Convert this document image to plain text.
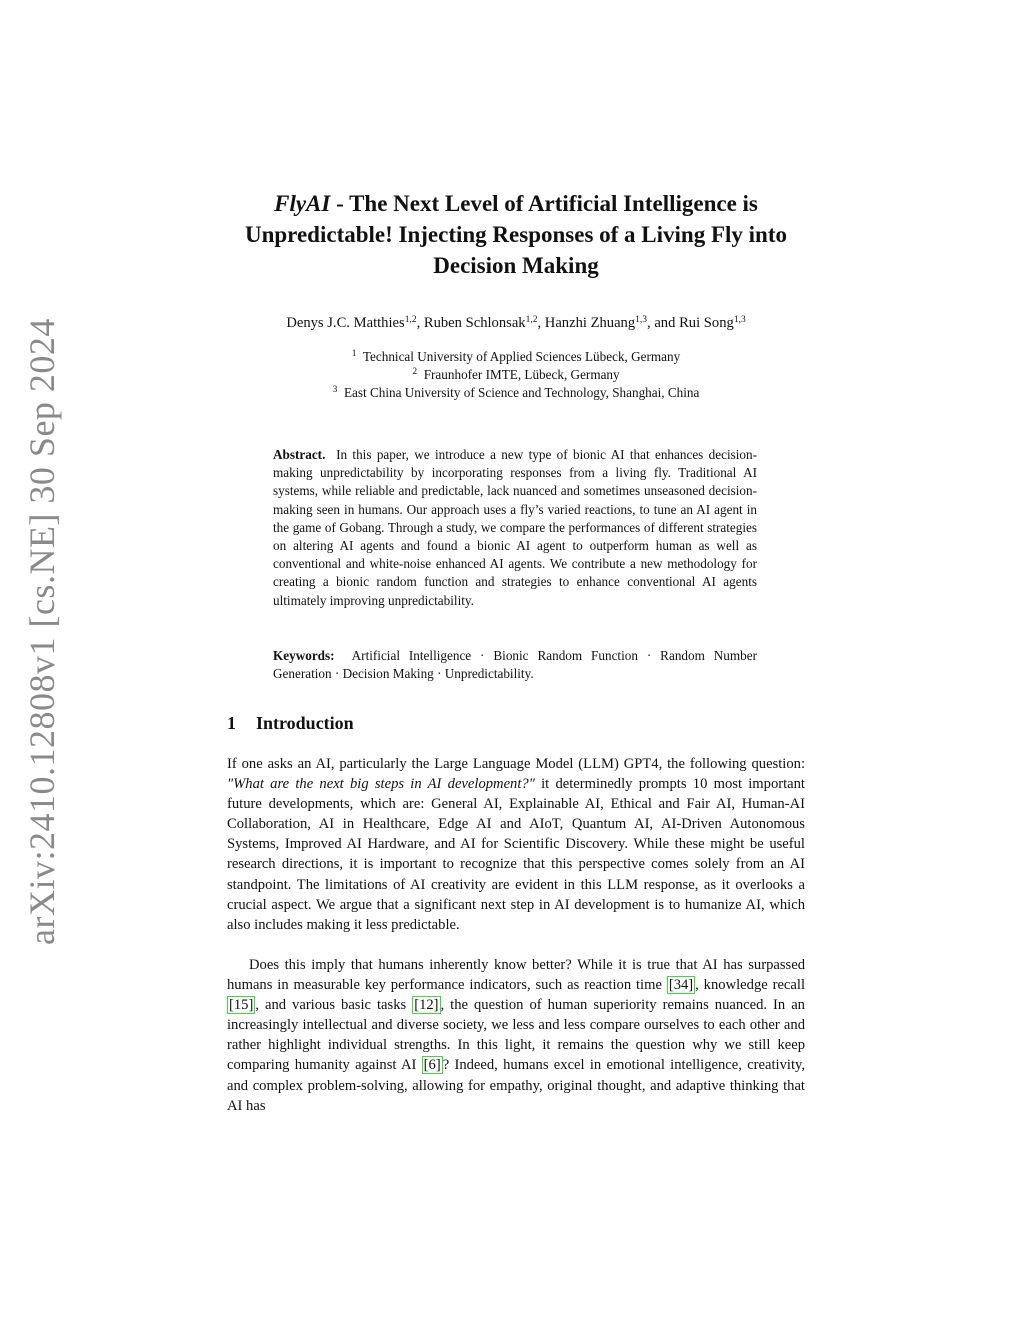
arXiv:2410.12808v1 [cs.NE] 30 Sep 2024
FlyAI - The Next Level of Artificial Intelligence is Unpredictable! Injecting Responses of a Living Fly into Decision Making
Denys J.C. Matthies$^{1,2}$, Ruben Schlonsak$^{1,2}$, Hanzhi Zhuang$^{1,3}$, and Rui Song$^{1,3}$
$^1$ Technical University of Applied Sciences Lübeck, Germany
$^2$ Fraunhofer IMTE, Lübeck, Germany
$^3$ East China University of Science and Technology, Shanghai, China
Abstract. In this paper, we introduce a new type of bionic AI that enhances decision-making unpredictability by incorporating responses from a living fly. Traditional AI systems, while reliable and predictable, lack nuanced and sometimes unseasoned decision-making seen in humans. Our approach uses a fly’s varied reactions, to tune an AI agent in the game of Gobang. Through a study, we compare the performances of different strategies on altering AI agents and found a bionic AI agent to outperform human as well as conventional and white-noise enhanced AI agents. We contribute a new methodology for creating a bionic random function and strategies to enhance conventional AI agents ultimately improving unpredictability.
Keywords: Artificial Intelligence · Bionic Random Function · Random Number Generation · Decision Making · Unpredictability.
1 Introduction

If one asks an AI, particularly the Large Language Model (LLM) GPT4, the following question: "What are the next big steps in AI development?" it determinedly prompts 10 most important future developments, which are: General AI, Explainable AI, Ethical and Fair AI, Human-AI Collaboration, AI in Healthcare, Edge AI and AIoT, Quantum AI, AI-Driven Autonomous Systems, Improved AI Hardware, and AI for Scientific Discovery. While these might be useful research directions, it is important to recognize that this perspective comes solely from an AI standpoint. The limitations of AI creativity are evident in this LLM response, as it overlooks a crucial aspect. We argue that a significant next step in AI development is to humanize AI, which also includes making it less predictable.

Does this imply that humans inherently know better? While it is true that AI has surpassed humans in measurable key performance indicators, such as reaction time [34] , knowledge recall [15] , and various basic tasks [12] , the question of human superiority remains nuanced. In an increasingly intellectual and diverse society, we less and less compare ourselves to each other and rather highlight individual strengths. In this light, it remains the question why we still keep comparing humanity against AI [6] ? Indeed, humans excel in emotional intelligence, creativity, and complex problem-solving, allowing for empathy, original thought, and adaptive thinking that AI has
